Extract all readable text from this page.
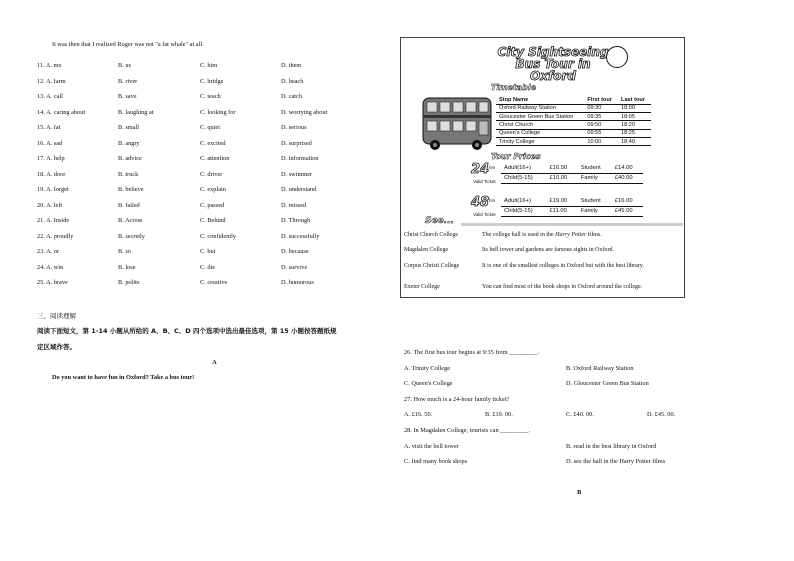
It was then that I realized Roger was not "a fat whale" at all.
11. A. me	B. us	C. him	D. them
12. A. farm	B. river	C. bridge	D. beach
13. A. call	B. save	C. teach	D. catch
14. A. caring about	B. laughing at	C. looking for	D. worrying about
15. A. fat	B. small	C. quiet	D. serious
16. A. sad	B. angry	C. excited	D. surprised
17. A. help	B. advice	C. attention	D. information
18. A. door	B. truck	C. driver	D. swimmer
19. A. forget	B. believe	C. explain	D. understand
20. A. left	B. failed	C. passed	D. missed
21. A. Inside	B. Across	C. Behind	D. Through
22. A. proudly	B. secretly	C. confidently	D. successfully
23. A. or	B. so	C. but	D. because
24. A. win	B. lose	C. die	D. survive
25. A. brave	B. polite	C. creative	D. humorous
三、阅读理解
阅读下面短文，第 1-14 小题从所给的 A、B、C、D 四个选项中选出最佳选项，第 15 小题按答题纸规
定区域作答。
A
Do you want to have fun in Oxford? Take a bus tour!
City Sightseeing
Bus Tour in Oxford
Timetable
Stop Name	First tour	Last tour
Oxford Railway Station	09:30	18:00
Gloucester Green Bus Station	09:35	18:05
Christ Church	09:50	18:20
Queen's College	09:55	18:25
Trinity College	10:00	18:40
Tour Prices
24 hrs
Valid Ticket
Adult(16+)	£16.50	Student	£14.00
Child(5-15)	£10.00	Family	£40.00
48 hrs
Valid Ticket
Adult(16+)	£19.00	Student	£16.00
Child(5-15)	£11.00	Family	£45.00
See...
Christ Church College	The college hall is used in the Harry Potter films.
Magdalen College	Its bell tower and gardens are famous sights in Oxford.
Corpus Christi College	It is one of the smallest colleges in Oxford but with the best library.
Exeter College	You can find most of the book shops in Oxford around the college.
26. The first bus tour begins at 9:35 from _________.
A. Trinity College	B. Oxford Railway Station
C. Queen's College	D. Gloucester Green Bus Station
27. How much is a 24-hour family ticket?
A. £16. 50.	B. £19. 00.	C. £40. 00.	D. £45. 00.
28. In Magdalen College, tourists can _________.
A. visit the bell tower	B. read in the best library in Oxford
C. find many book shops	D. see the hall in the Harry Potter films
B
